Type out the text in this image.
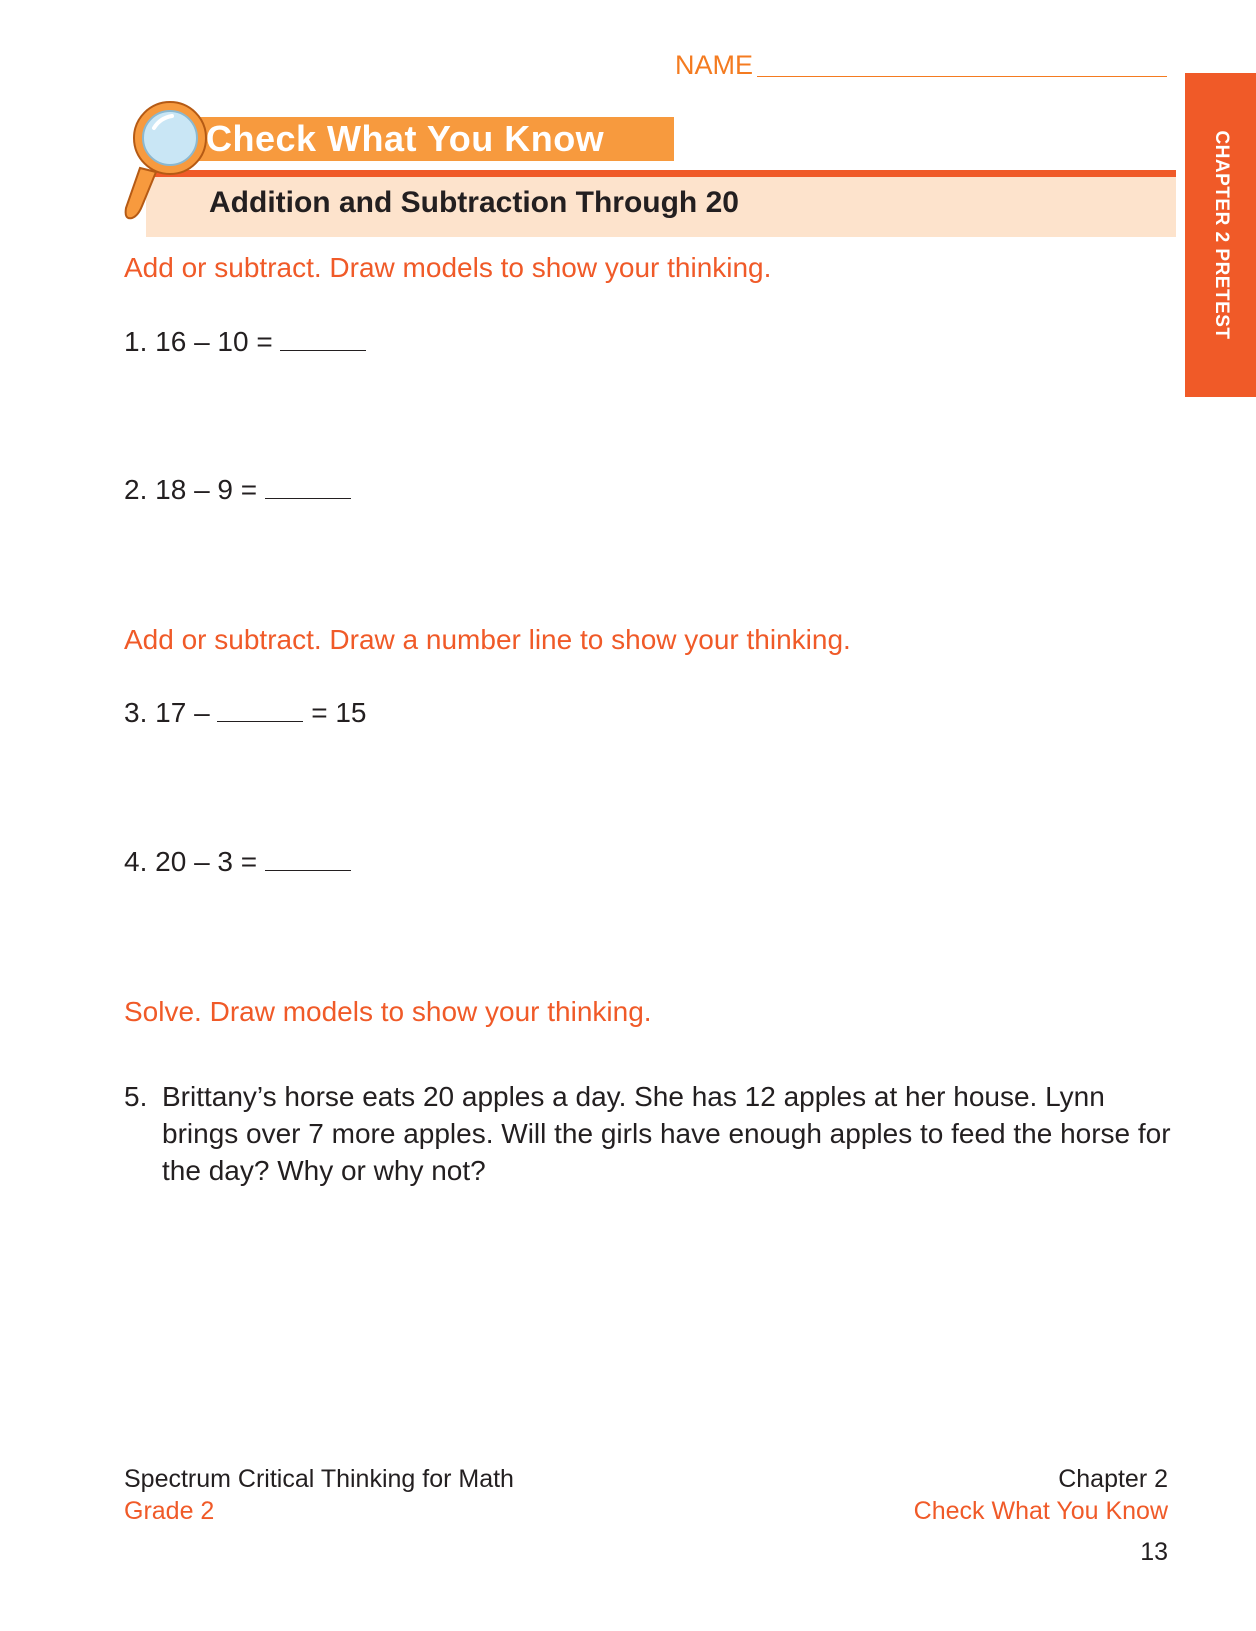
NAME
CHAPTER 2 PRETEST
Check What You Know
Addition and Subtraction Through 20
Add or subtract. Draw models to show your thinking.
1. 16 – 10 =
2. 18 – 9 =
Add or subtract. Draw a number line to show your thinking.
3. 17 –	= 15
4. 20 – 3 =
Solve. Draw models to show your thinking.
5. Brittany’s horse eats 20 apples a day. She has 12 apples at her house. Lynn brings over 7 more apples. Will the girls have enough apples to feed the horse for the day? Why or why not?
Spectrum Critical Thinking for Math
Grade 2
Chapter 2
Check What You Know
13
